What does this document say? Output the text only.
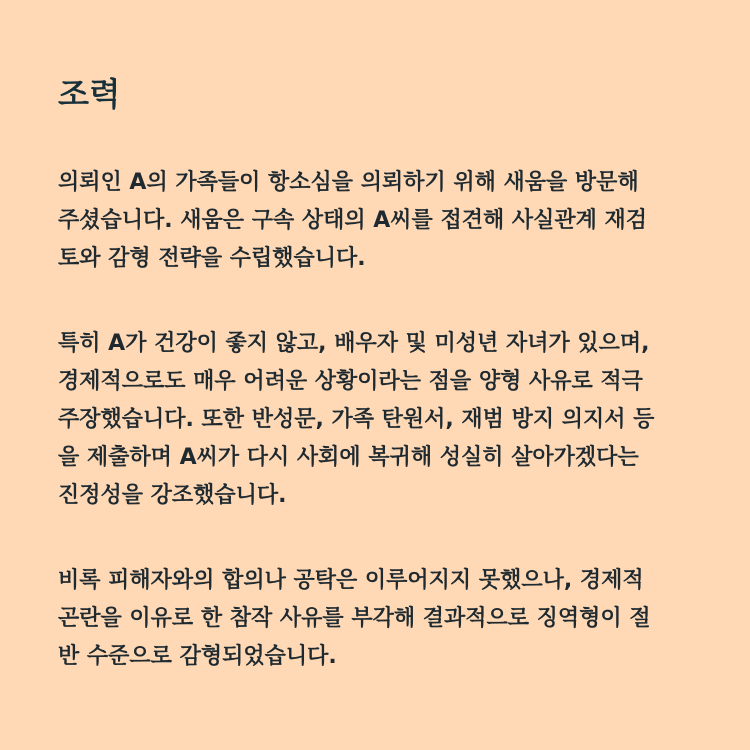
조력

의뢰인 A의 가족들이 항소심을 의뢰하기 위해 새움을 방문해
주셨습니다. 새움은 구속 상태의 A씨를 접견해 사실관계 재검
토와 감형 전략을 수립했습니다.

특히 A가 건강이 좋지 않고, 배우자 및 미성년 자녀가 있으며,
경제적으로도 매우 어려운 상황이라는 점을 양형 사유로 적극
주장했습니다. 또한 반성문, 가족 탄원서, 재범 방지 의지서 등
을 제출하며 A씨가 다시 사회에 복귀해 성실히 살아가겠다는
진정성을 강조했습니다.

비록 피해자와의 합의나 공탁은 이루어지지 못했으나, 경제적
곤란을 이유로 한 참작 사유를 부각해 결과적으로 징역형이 절
반 수준으로 감형되었습니다.
